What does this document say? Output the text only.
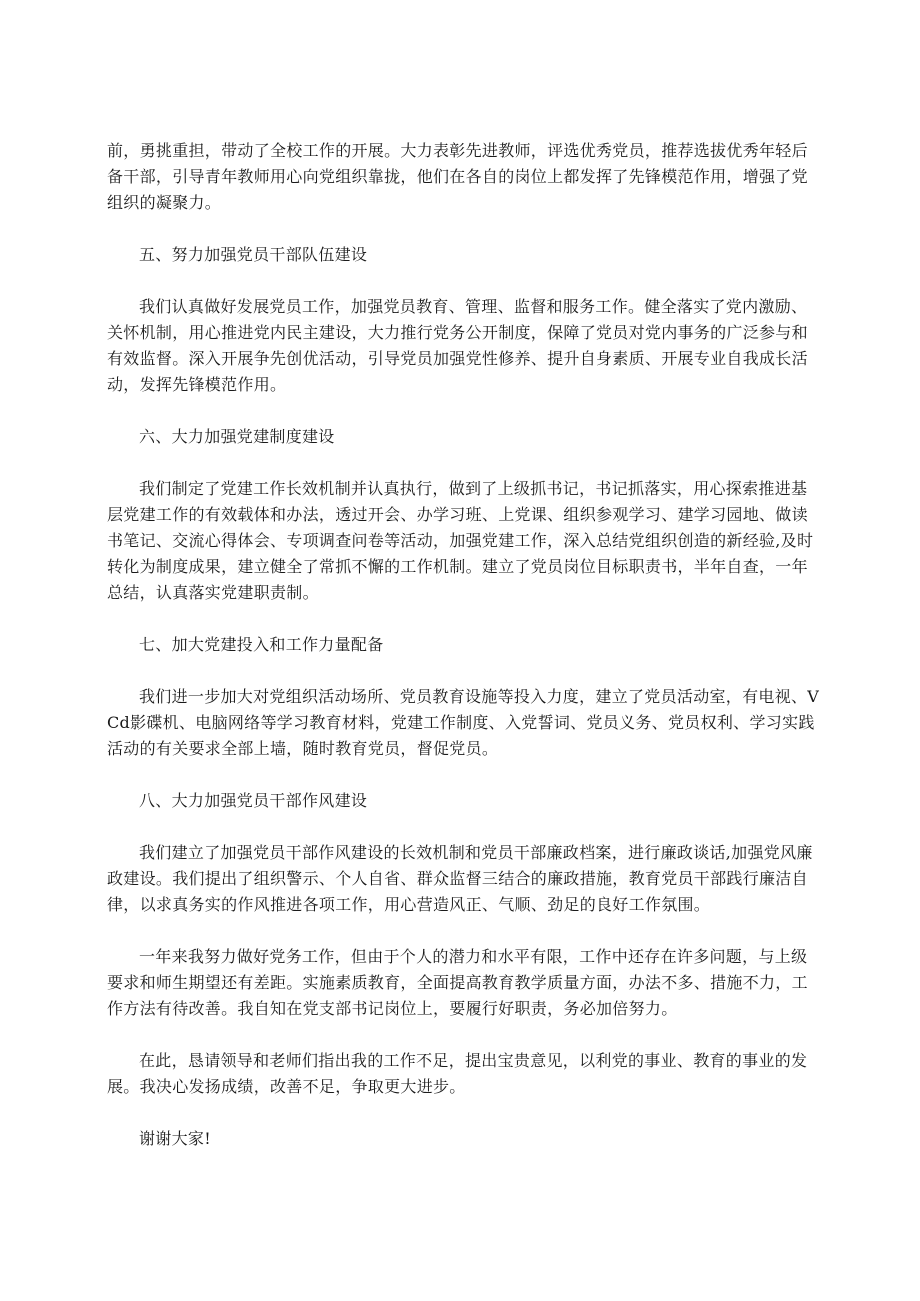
前，勇挑重担，带动了全校工作的开展。大力表彰先进教师，评选优秀党员，推荐选拔优秀年轻后备干部，引导青年教师用心向党组织靠拢，他们在各自的岗位上都发挥了先锋模范作用，增强了党组织的凝聚力。

五、努力加强党员干部队伍建设

我们认真做好发展党员工作，加强党员教育、管理、监督和服务工作。健全落实了党内激励、关怀机制，用心推进党内民主建设，大力推行党务公开制度，保障了党员对党内事务的广泛参与和有效监督。深入开展争先创优活动，引导党员加强党性修养、提升自身素质、开展专业自我成长活动，发挥先锋模范作用。

六、大力加强党建制度建设

我们制定了党建工作长效机制并认真执行，做到了上级抓书记，书记抓落实，用心探索推进基层党建工作的有效载体和办法，透过开会、办学习班、上党课、组织参观学习、建学习园地、做读书笔记、交流心得体会、专项调查问卷等活动，加强党建工作，深入总结党组织创造的新经验,及时转化为制度成果，建立健全了常抓不懈的工作机制。建立了党员岗位目标职责书，半年自查，一年总结，认真落实党建职责制。

七、加大党建投入和工作力量配备

我们进一步加大对党组织活动场所、党员教育设施等投入力度，建立了党员活动室，有电视、VCd影碟机、电脑网络等学习教育材料，党建工作制度、入党誓词、党员义务、党员权利、学习实践活动的有关要求全部上墙，随时教育党员，督促党员。

八、大力加强党员干部作风建设

我们建立了加强党员干部作风建设的长效机制和党员干部廉政档案，进行廉政谈话,加强党风廉政建设。我们提出了组织警示、个人自省、群众监督三结合的廉政措施，教育党员干部践行廉洁自律，以求真务实的作风推进各项工作，用心营造风正、气顺、劲足的良好工作氛围。

一年来我努力做好党务工作，但由于个人的潜力和水平有限，工作中还存在许多问题，与上级要求和师生期望还有差距。实施素质教育，全面提高教育教学质量方面，办法不多、措施不力，工作方法有待改善。我自知在党支部书记岗位上，要履行好职责，务必加倍努力。

在此，恳请领导和老师们指出我的工作不足，提出宝贵意见，以利党的事业、教育的事业的发展。我决心发扬成绩，改善不足，争取更大进步。

谢谢大家!
